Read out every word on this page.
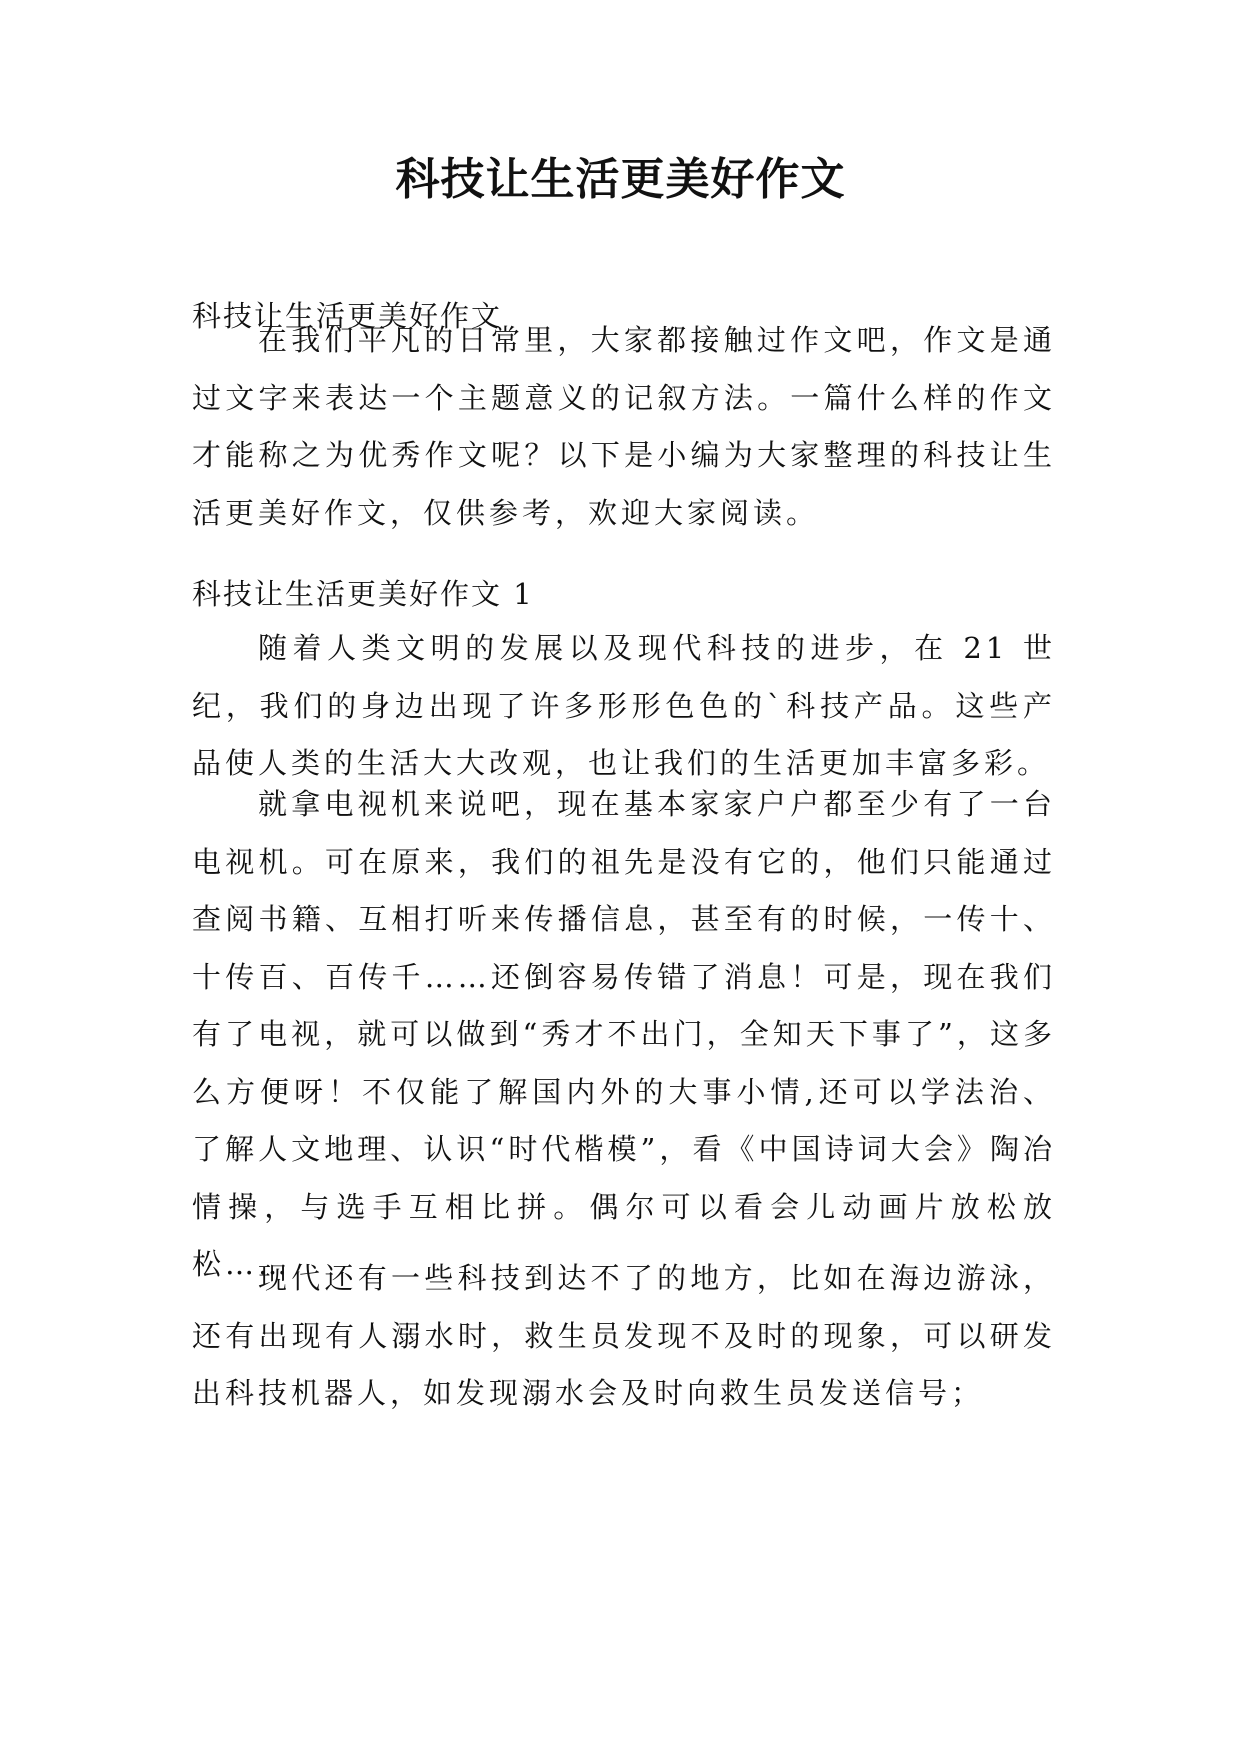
科技让生活更美好作文
科技让生活更美好作文
在我们平凡的日常里，大家都接触过作文吧，作文是通过文字来表达一个主题意义的记叙方法。一篇什么样的作文才能称之为优秀作文呢？以下是小编为大家整理的科技让生活更美好作文，仅供参考，欢迎大家阅读。
科技让生活更美好作文 1
随着人类文明的发展以及现代科技的进步，在 21 世纪，我们的身边出现了许多形形色色的`科技产品。这些产品使人类的生活大大改观，也让我们的生活更加丰富多彩。
就拿电视机来说吧，现在基本家家户户都至少有了一台电视机。可在原来，我们的祖先是没有它的，他们只能通过查阅书籍、互相打听来传播信息，甚至有的时候，一传十、十传百、百传千……还倒容易传错了消息！可是，现在我们有了电视，就可以做到“秀才不出门，全知天下事了”，这多么方便呀！不仅能了解国内外的大事小情,还可以学法治、了解人文地理、认识“时代楷模”，看《中国诗词大会》陶冶情操，与选手互相比拼。偶尔可以看会儿动画片放松放松……
现代还有一些科技到达不了的地方，比如在海边游泳，还有出现有人溺水时，救生员发现不及时的现象，可以研发出科技机器人，如发现溺水会及时向救生员发送信号；
